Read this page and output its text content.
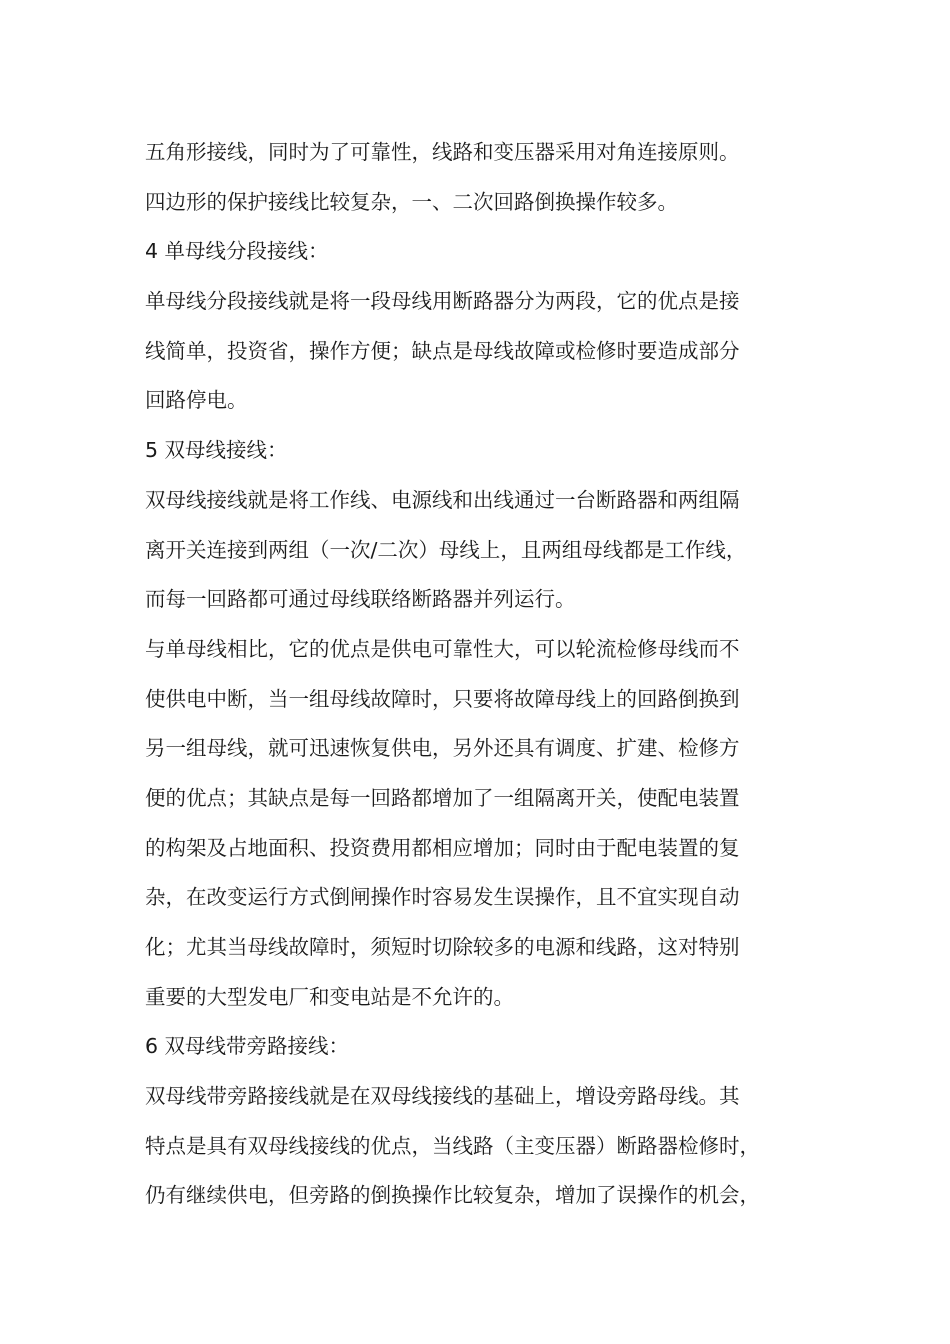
五角形接线，同时为了可靠性，线路和变压器采用对角连接原则。
四边形的保护接线比较复杂，一、二次回路倒换操作较多。
4 单母线分段接线：
单母线分段接线就是将一段母线用断路器分为两段，它的优点是接
线简单，投资省，操作方便；缺点是母线故障或检修时要造成部分
回路停电。
5 双母线接线：
双母线接线就是将工作线、电源线和出线通过一台断路器和两组隔
离开关连接到两组（一次/二次）母线上，且两组母线都是工作线，
而每一回路都可通过母线联络断路器并列运行。
与单母线相比，它的优点是供电可靠性大，可以轮流检修母线而不
使供电中断，当一组母线故障时，只要将故障母线上的回路倒换到
另一组母线，就可迅速恢复供电，另外还具有调度、扩建、检修方
便的优点；其缺点是每一回路都增加了一组隔离开关，使配电装置
的构架及占地面积、投资费用都相应增加；同时由于配电装置的复
杂，在改变运行方式倒闸操作时容易发生误操作，且不宜实现自动
化；尤其当母线故障时，须短时切除较多的电源和线路，这对特别
重要的大型发电厂和变电站是不允许的。
6 双母线带旁路接线：
双母线带旁路接线就是在双母线接线的基础上，增设旁路母线。其
特点是具有双母线接线的优点，当线路（主变压器）断路器检修时，
仍有继续供电，但旁路的倒换操作比较复杂，增加了误操作的机会，
